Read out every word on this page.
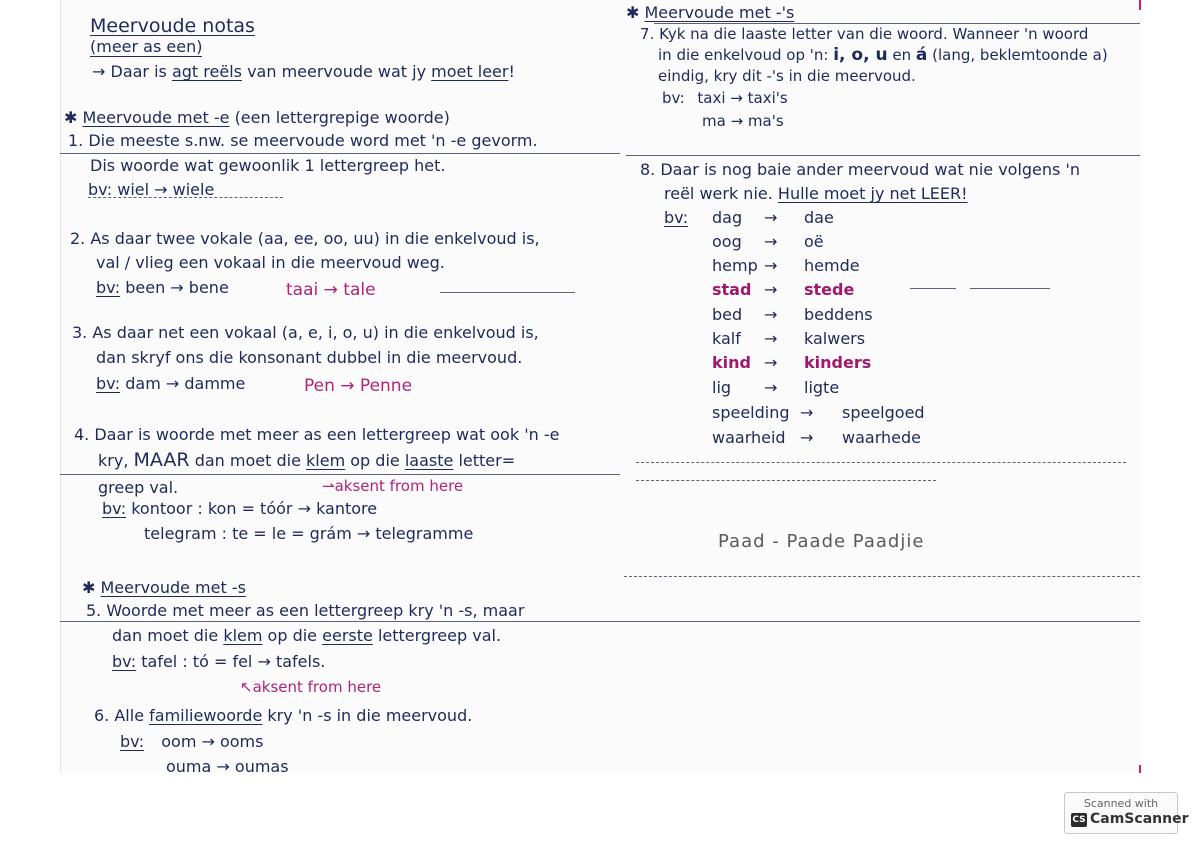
Meervoude notas
(meer as een)
→ Daar is agt reëls van meervoude wat jy moet leer!
✱ Meervoude met -e (een lettergrepige woorde)
1. Die meeste s.nw. se meervoude word met 'n -e gevorm.
Dis woorde wat gewoonlik 1 lettergreep het.
bv: wiel → wiele
2. As daar twee vokale (aa, ee, oo, uu) in die enkelvoud is,
val / vlieg een vokaal in die meervoud weg.
bv: been → bene	taai → tale
3. As daar net een vokaal (a, e, i, o, u) in die enkelvoud is,
dan skryf ons die konsonant dubbel in die meervoud.
bv: dam → damme	Pen → Penne
4. Daar is woorde met meer as een lettergreep wat ook 'n -e
kry, MAAR dan moet die klem op die laaste letter=
greep val.	⇀aksent from here
bv: kontoor : kon = tóór → kantore
telegram : te = le = grám → telegramme
✱ Meervoude met -s
5. Woorde met meer as een lettergreep kry 'n -s, maar
dan moet die klem op die eerste lettergreep val.
bv: tafel : tó = fel → tafels.
↖aksent from here
6. Alle familiewoorde kry 'n -s in die meervoud.
bv: oom → ooms
ouma → oumas
✱ Meervoude met -'s
7. Kyk na die laaste letter van die woord. Wanneer 'n woord
in die enkelvoud op 'n: i, o, u en á (lang, beklemtoonde a)
eindig, kry dit -'s in die meervoud.
bv: taxi → taxi's
ma → ma's
8. Daar is nog baie ander meervoud wat nie volgens 'n
reël werk nie. Hulle moet jy net LEER!
bv: dag → dae
oog → oë
hemp → hemde
stad → stede
bed → beddens
kalf → kalwers
kind → kinders
lig → ligte
speelding → speelgoed
waarheid → waarhede
Paad - Paade Paadjie
Scanned with
CS CamScanner
